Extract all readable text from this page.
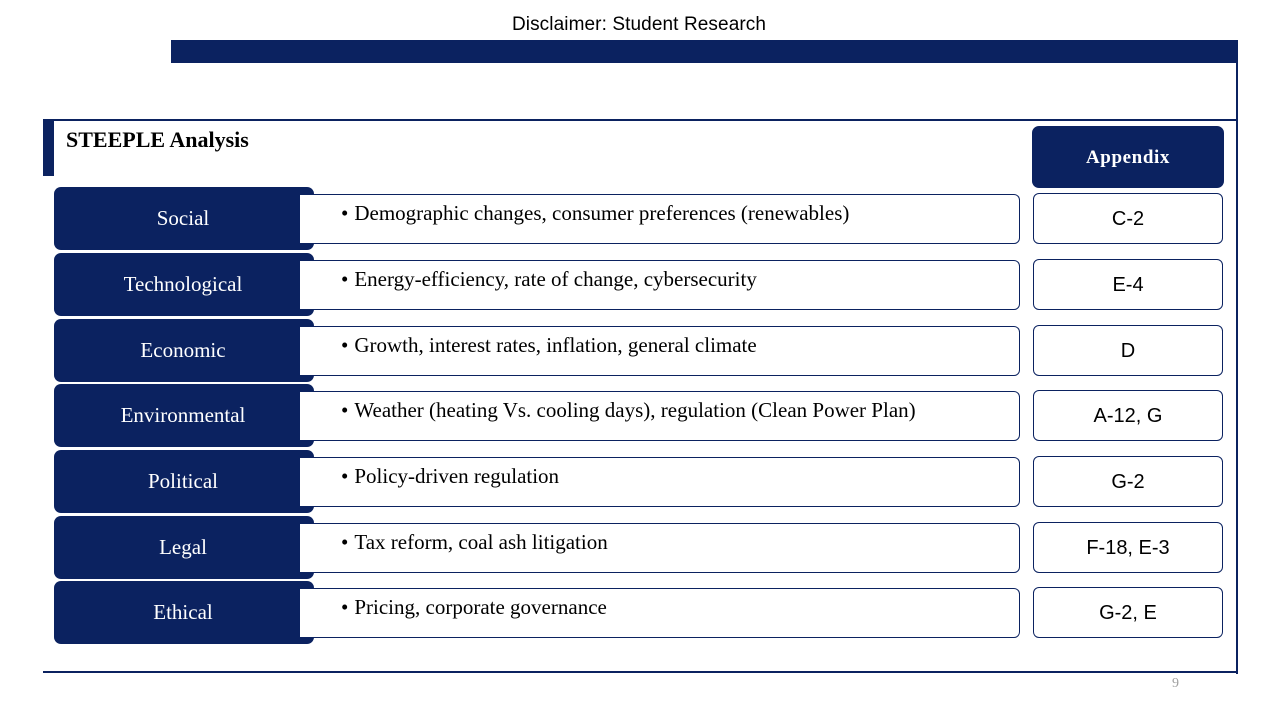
Disclaimer: Student Research
STEEPLE Analysis
Appendix
Social	• Demographic changes, consumer preferences (renewables)	C-2
Technological	• Energy-efficiency, rate of change, cybersecurity	E-4
Economic	• Growth, interest rates, inflation, general climate	D
Environmental	• Weather (heating Vs. cooling days), regulation (Clean Power Plan)	A-12, G
Political	• Policy-driven regulation	G-2
Legal	• Tax reform, coal ash litigation	F-18, E-3
Ethical	• Pricing, corporate governance	G-2, E
9
